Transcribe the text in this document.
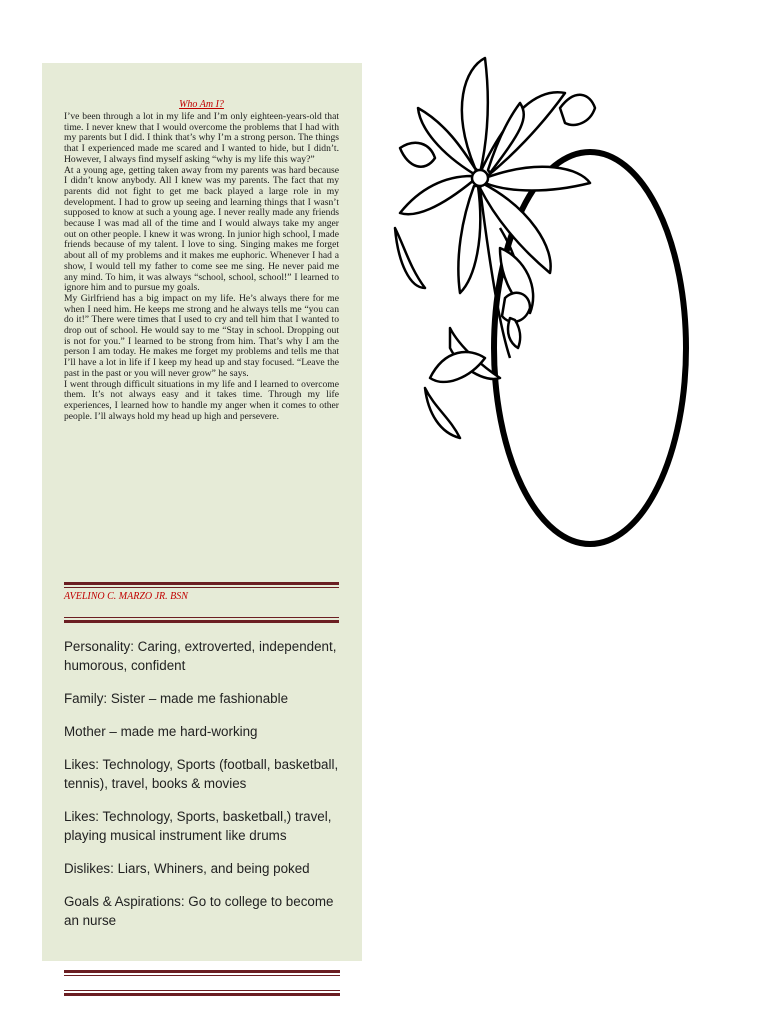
Who Am I?

I’ve been through a lot in my life and I’m only eighteen-years-old that time. I never knew that I would overcome the problems that I had with my parents but I did. I think that’s why I’m a strong person. The things that I experienced made me scared and I wanted to hide, but I didn’t. However, I always find myself asking “why is my life this way?”

At a young age, getting taken away from my parents was hard because I didn’t know anybody. All I knew was my parents. The fact that my parents did not fight to get me back played a large role in my development. I had to grow up seeing and learning things that I wasn’t supposed to know at such a young age. I never really made any friends because I was mad all of the time and I would always take my anger out on other people. I knew it was wrong. In junior high school, I made friends because of my talent. I love to sing. Singing makes me forget about all of my problems and it makes me euphoric. Whenever I had a show, I would tell my father to come see me sing. He never paid me any mind. To him, it was always “school, school, school!” I learned to ignore him and to pursue my goals.

My Girlfriend has a big impact on my life. He’s always there for me when I need him. He keeps me strong and he always tells me “you can do it!” There were times that I used to cry and tell him that I wanted to drop out of school. He would say to me “Stay in school. Dropping out is not for you.” I learned to be strong from him. That’s why I am the person I am today. He makes me forget my problems and tells me that I’ll have a lot in life if I keep my head up and stay focused. “Leave the past in the past or you will never grow” he says.

I went through difficult situations in my life and I learned to overcome them. It’s not always easy and it takes time. Through my life experiences, I learned how to handle my anger when it comes to other people. I’ll always hold my head up high and persevere.

AVELINO C. MARZO JR. BSN
Personality: Caring, extroverted, independent, humorous, confident
Family: Sister – made me fashionable
Mother – made me hard-working
Likes: Technology, Sports (football, basketball, tennis), travel, books & movies
Likes: Technology, Sports, basketball,) travel, playing musical instrument like drums
Dislikes: Liars, Whiners, and being poked
Goals & Aspirations: Go to college to become an nurse
